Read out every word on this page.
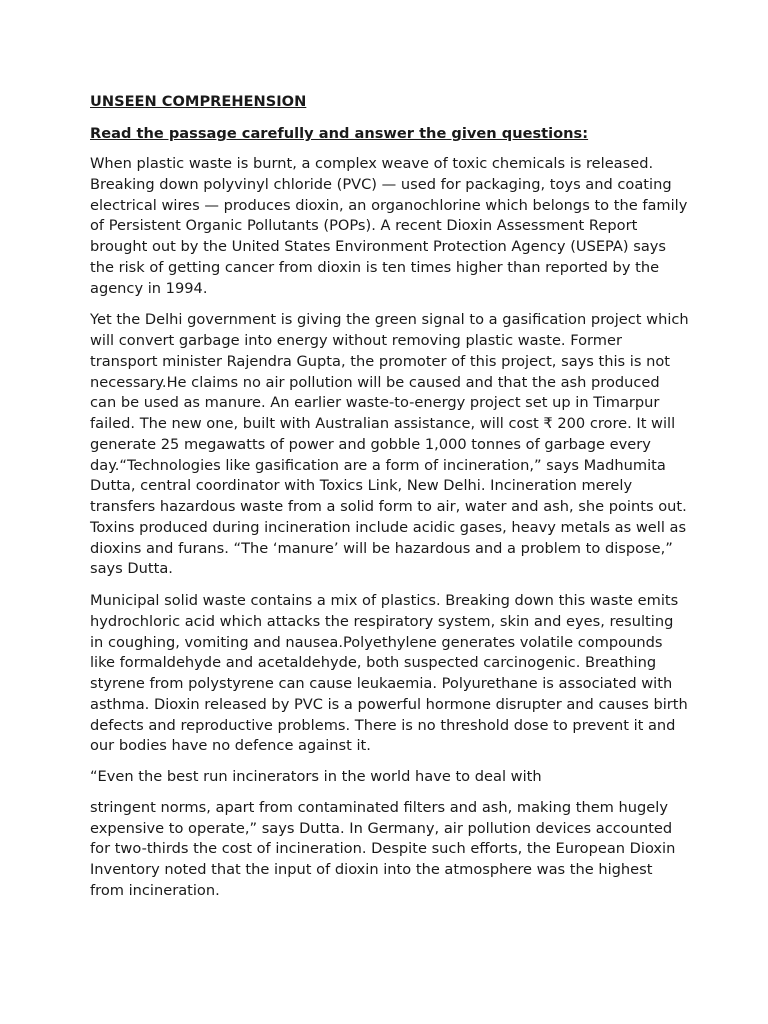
UNSEEN COMPREHENSION

Read the passage carefully and answer the given questions:

When plastic waste is burnt, a complex weave of toxic chemicals is released. Breaking down polyvinyl chloride (PVC) — used for packaging, toys and coating electrical wires — produces dioxin, an organochlorine which belongs to the family of Persistent Organic Pollutants (POPs). A recent Dioxin Assessment Report brought out by the United States Environment Protection Agency (USEPA) says the risk of getting cancer from dioxin is ten times higher than reported by the agency in 1994.

Yet the Delhi government is giving the green signal to a gasification project which will convert garbage into energy without removing plastic waste. Former transport minister Rajendra Gupta, the promoter of this project, says this is not necessary.He claims no air pollution will be caused and that the ash produced can be used as manure. An earlier waste-to-energy project set up in Timarpur failed. The new one, built with Australian assistance, will cost ₹ 200 crore. It will generate 25 megawatts of power and gobble 1,000 tonnes of garbage every day.“Technologies like gasification are a form of incineration,” says Madhumita Dutta, central coordinator with Toxics Link, New Delhi. Incineration merely transfers hazardous waste from a solid form to air, water and ash, she points out. Toxins produced during incineration include acidic gases, heavy metals as well as dioxins and furans. “The ‘manure’ will be hazardous and a problem to dispose,” says Dutta.

Municipal solid waste contains a mix of plastics. Breaking down this waste emits hydrochloric acid which attacks the respiratory system, skin and eyes, resulting in coughing, vomiting and nausea.Polyethylene generates volatile compounds like formaldehyde and acetaldehyde, both suspected carcinogenic. Breathing styrene from polystyrene can cause leukaemia. Polyurethane is associated with asthma. Dioxin released by PVC is a powerful hormone disrupter and causes birth defects and reproductive problems. There is no threshold dose to prevent it and our bodies have no defence against it.

“Even the best run incinerators in the world have to deal with

stringent norms, apart from contaminated filters and ash, making them hugely expensive to operate,” says Dutta. In Germany, air pollution devices accounted for two-thirds the cost of incineration. Despite such efforts, the European Dioxin Inventory noted that the input of dioxin into the atmosphere was the highest from incineration.
